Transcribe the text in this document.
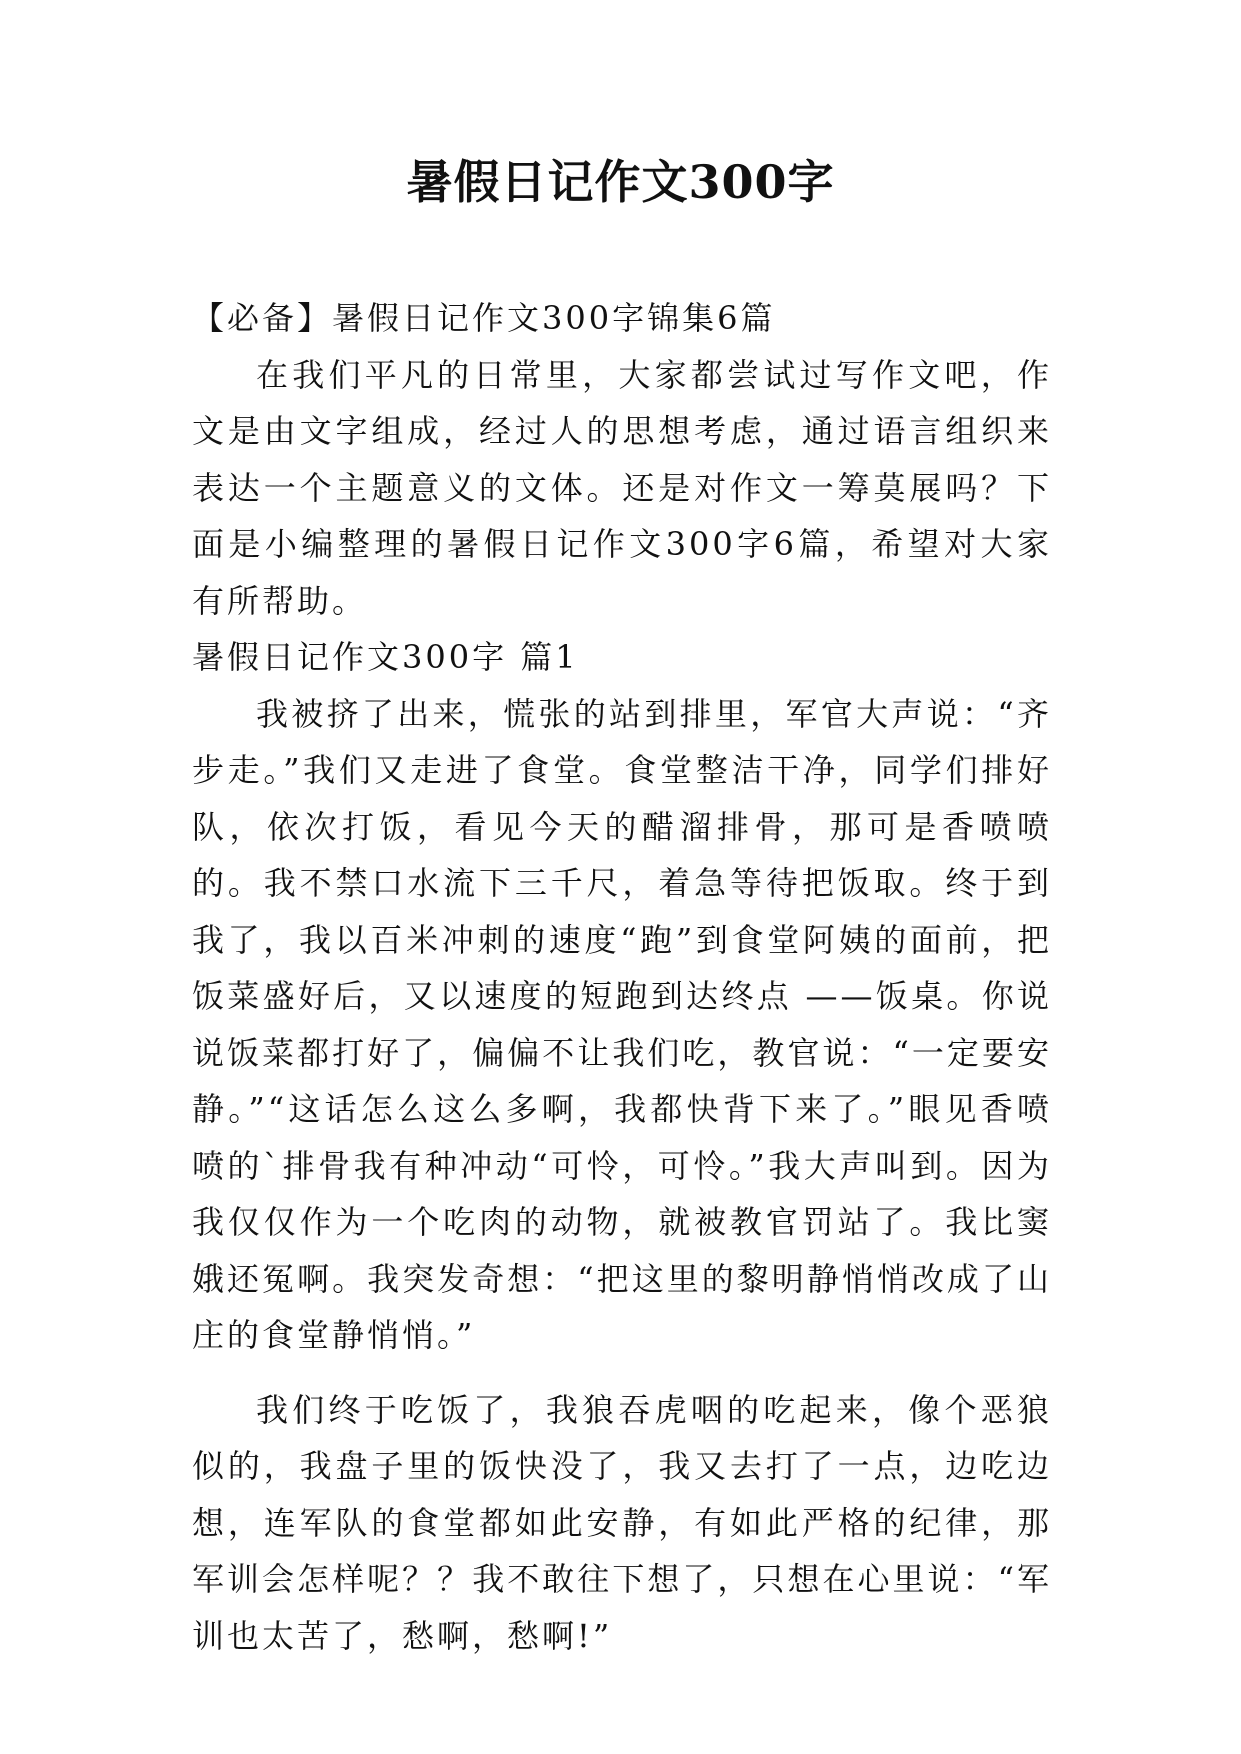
暑假日记作文300字

【必备】暑假日记作文300字锦集6篇

在我们平凡的日常里，大家都尝试过写作文吧，作文是由文字组成，经过人的思想考虑，通过语言组织来表达一个主题意义的文体。还是对作文一筹莫展吗？下面是小编整理的暑假日记作文300字6篇，希望对大家有所帮助。

暑假日记作文300字 篇1

我被挤了出来，慌张的站到排里，军官大声说：“齐步走。”我们又走进了食堂。食堂整洁干净，同学们排好队，依次打饭，看见今天的醋溜排骨，那可是香喷喷的。我不禁口水流下三千尺，着急等待把饭取。终于到我了，我以百米冲刺的速度“跑”到食堂阿姨的面前，把饭菜盛好后，又以速度的短跑到达终点 ——饭桌。你说说饭菜都打好了，偏偏不让我们吃，教官说：“一定要安静。”“这话怎么这么多啊，我都快背下来了。”眼见香喷喷的`排骨我有种冲动“可怜，可怜。”我大声叫到。因为我仅仅作为一个吃肉的动物，就被教官罚站了。我比窦娥还冤啊。我突发奇想：“把这里的黎明静悄悄改成了山庄的食堂静悄悄。”

我们终于吃饭了，我狼吞虎咽的吃起来，像个恶狼似的，我盘子里的饭快没了，我又去打了一点，边吃边想，连军队的食堂都如此安静，有如此严格的纪律，那军训会怎样呢？？我不敢往下想了，只想在心里说：“军训也太苦了，愁啊，愁啊!”
